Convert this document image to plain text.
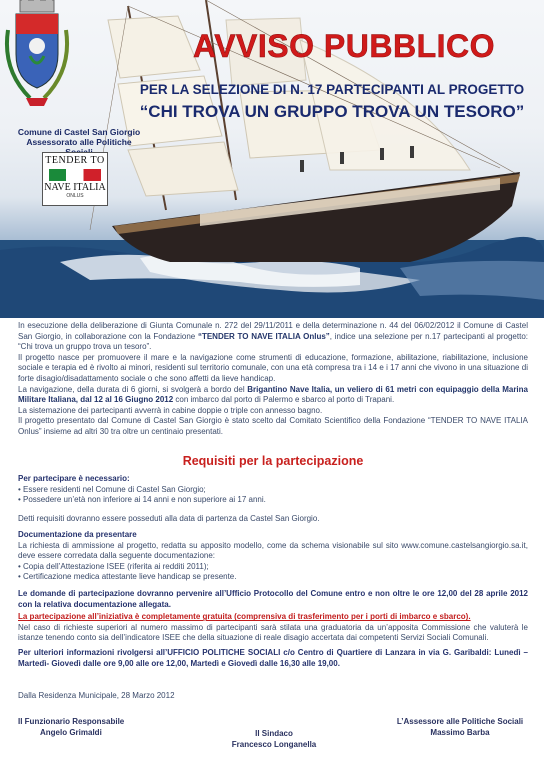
Comune di Castel San Giorgio
Assessorato alle Politiche
TENDER TO
NAVE ITALIA
ONLUS
AVVISO PUBBLICO
PER LA SELEZIONE DI N. 17 PARTECIPANTI AL PROGETTO
“CHI TROVA UN GRUPPO TROVA UN TESORO”

In esecuzione della deliberazione di Giunta Comunale n. 272 del 29/11/2011 e della determinazione n. 44 del 06/02/2012 il Comune di Castel San Giorgio, in collaborazione con la Fondazione “TENDER TO NAVE ITALIA Onlus”, indice una selezione per n.17 partecipanti al progetto: “Chi trova un gruppo trova un tesoro”.

Il progetto nasce per promuovere il mare e la navigazione come strumenti di educazione, formazione, abilitazione, riabilitazione, inclusione sociale e terapia ed è rivolto ai minori, residenti sul territorio comunale, con una età compresa tra i 14 e i 17 anni che vivono in una situazione di forte disagio/disadattamento sociale o che sono affetti da lieve handicap.

La navigazione, della durata di 6 giorni, si svolgerà a bordo del Brigantino Nave Italia, un veliero di 61 metri con equipaggio della Marina Militare Italiana, dal 12 al 16 Giugno 2012 con imbarco dal porto di Palermo e sbarco al porto di Trapani.

La sistemazione dei partecipanti avverrà in cabine doppie o triple con annesso bagno.

Il progetto presentato dal Comune di Castel San Giorgio è stato scelto dal Comitato Scientifico della Fondazione “TENDER TO NAVE ITALIA Onlus” insieme ad altri 30 tra oltre un centinaio presentati.

Requisiti per la partecipazione
Per partecipare è necessario:
• Essere residenti nel Comune di Castel San Giorgio;
• Possedere un’età non inferiore ai 14 anni e non superiore ai 17 anni.
Detti requisiti dovranno essere posseduti alla data di partenza da Castel San Giorgio.
Documentazione da presentare
La richiesta di ammissione al progetto, redatta su apposito modello, come da schema visionabile sul sito www.comune.castelsangiorgio.sa.it, deve essere corredata dalla seguente documentazione:
• Copia dell’Attestazione ISEE (riferita ai redditi 2011);
• Certificazione medica attestante lieve handicap se presente.
Le domande di partecipazione dovranno pervenire all’Ufficio Protocollo del Comune entro e non oltre le ore 12,00 del 28 aprile 2012 con la relativa documentazione allegata.
La partecipazione all’iniziativa è completamente gratuita (comprensiva di trasferimento per i porti di imbarco e sbarco).
Nel caso di richieste superiori al numero massimo di partecipanti sarà stilata una graduatoria da un’apposita Commissione che valuterà le istanze tenendo conto sia dell’indicatore ISEE che della situazione di reale disagio accertata dai competenti Servizi Sociali Comunali.
Per ulteriori informazioni rivolgersi all’UFFICIO POLITICHE SOCIALI c/o Centro di Quartiere di Lanzara in via G. Garibaldi: Lunedì – Martedì- Giovedì dalle ore 9,00 alle ore 12,00, Martedì e Giovedì dalle 16,30 alle 19,00.
Dalla Residenza Municipale, 28 Marzo 2012
Il Funzionario Responsabile
Angelo Grimaldi	Il Sindaco
Francesco Longanella
L’Assessore alle Politiche Sociali
Massimo Barba
